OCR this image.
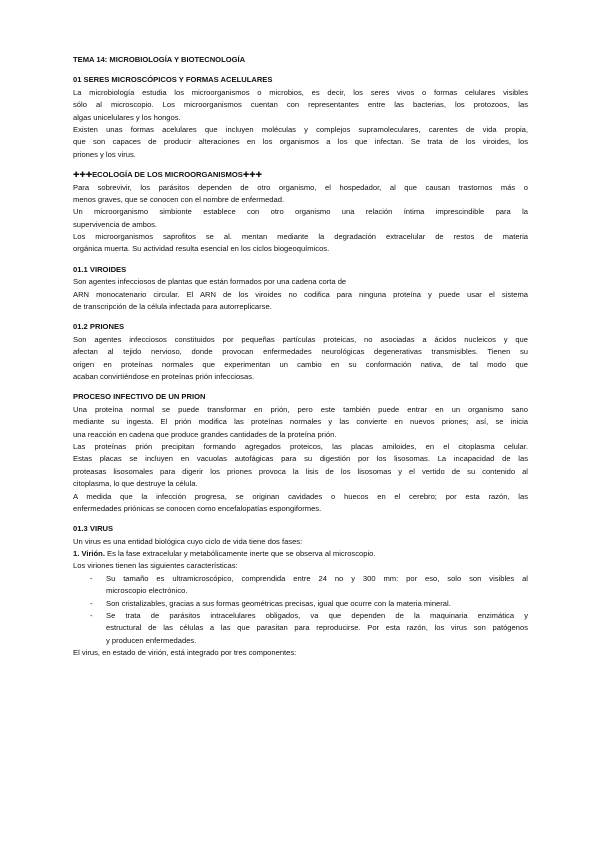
TEMA 14: MICROBIOLOGÍA Y BIOTECNOLOGÍA
01 SERES MICROSCÓPICOS Y FORMAS ACELULARES
La microbiología estudia los microorganismos o microbios, es decir, los seres vivos o formas celulares visibles
sólo al microscopio. Los microorganismos cuentan con representantes entre las bacterias, los protozoos, las
algas unicelulares y los hongos.
Existen unas formas acelulares que incluyen moléculas y complejos supramoleculares, carentes de vida propia,
que son capaces de producir alteraciones en los organismos a los que infectan. Se trata de los viroides, los
priones y los virus.
✚✚✚ECOLOGÍA DE LOS MICROORGANISMOS✚✚✚
Para sobrevivir, los parásitos dependen de otro organismo, el hospedador, al que causan trastornos más o
menos graves, que se conocen con el nombre de enfermedad.
Un microorganismo simbionte establece con otro organismo una relación íntima imprescindible para la
supervivencia de ambos.
Los microorganismos saprofitos se al. mentan mediante la degradación extracelular de restos de materia
orgánica muerta. Su actividad resulta esencial en los ciclos biogeoquímicos.
01.1 VIROIDES
Son agentes infecciosos de plantas que están formados por una cadena corta de
ARN monocatenario circular. El ARN de los viroides no codifica para ninguna proteína y puede usar el sistema
de transcripción de la célula infectada para autorreplicarse.
01.2 PRIONES
Son agentes infecciosos constituidos por pequeñas partículas proteicas, no asociadas a ácidos nucleicos y que
afectan al tejido nervioso, donde provocan enfermedades neurológicas degenerativas transmisibles. Tienen su
origen en proteínas normales que experimentan un cambio en su conformación nativa, de tal modo que
acaban convirtiéndose en proteínas prión infecciosas.
PROCESO INFECTIVO DE UN PRION
Una proteína normal se puede transformar en prión, pero este también puede entrar en un organismo sano
mediante su ingesta. El prión modifica las proteínas normales y las convierte en nuevos priones; así, se inicia
una reacción en cadena que produce grandes cantidades de la proteína prión.
Las proteínas prión precipitan formando agregados proteicos, las placas amiloides, en el citoplasma celular.
Estas placas se incluyen en vacuolas autofágicas para su digestión por los lisosomas. La incapacidad de las
proteasas lisosomales para digerir los priones provoca la lisis de los lisosomas y el vertido de su contenido al
citoplasma, lo que destruye la célula.
A medida que la infección progresa, se originan cavidades o huecos en el cerebro; por esta razón, las
enfermedades priónicas se conocen como encefalopatías espongiformes.
01.3 VIRUS
Un virus es una entidad biológica cuyo ciclo de vida tiene dos fases:
1. Virión. Es la fase extracelular y metabólicamente inerte que se observa al microscopio.
Los viriones tienen las siguientes características:
- Su tamaño es ultramicroscópico, comprendida entre 24 no y 300 mm: por eso, solo son visibles al
microscopio electrónico.
- Son cristalizables, gracias a sus formas geométricas precisas, igual que ocurre con la materia mineral.
- Se trata de parásitos intracelulares obligados, va que dependen de la maquinaria enzimática y
estructural de las células a las que parasitan para reproducirse. Por esta razón, los virus son patógenos
y producen enfermedades.
El virus, en estado de virión, está integrado por tres componentes:
